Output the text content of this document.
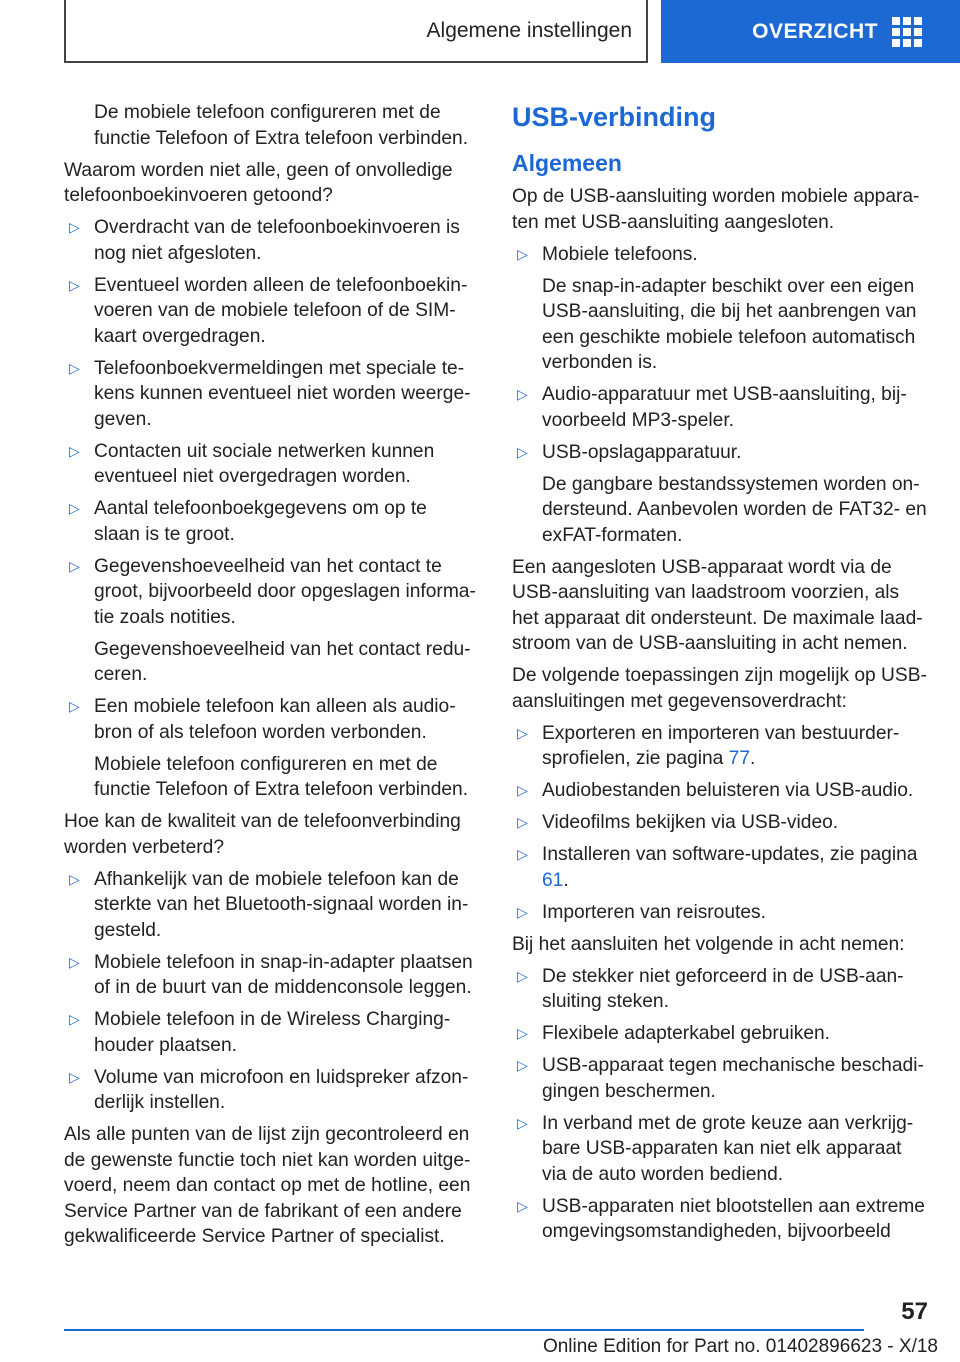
Algemene instellingen	OVERZICHT

De mobiele telefoon configureren met de functie Telefoon of Extra telefoon verbinden.

Waarom worden niet alle, geen of onvolledige telefoonboekinvoeren getoond?

▷ Overdracht van de telefoonboekinvoeren is nog niet afgesloten.
▷ Eventueel worden alleen de telefoonboekinvoeren van de mobiele telefoon of de SIM-kaart overgedragen.
▷ Telefoonboekvermeldingen met speciale tekens kunnen eventueel niet worden weergegeven.
▷ Contacten uit sociale netwerken kunnen eventueel niet overgedragen worden.
▷ Aantal telefoonboekgegevens om op te slaan is te groot.
▷ Gegevenshoeveelheid van het contact te groot, bijvoorbeeld door opgeslagen informatie zoals notities.
Gegevenshoeveelheid van het contact reduceren.
▷ Een mobiele telefoon kan alleen als audiobron of als telefoon worden verbonden.
Mobiele telefoon configureren en met de functie Telefoon of Extra telefoon verbinden.

Hoe kan de kwaliteit van de telefoonverbinding worden verbeterd?

▷ Afhankelijk van de mobiele telefoon kan de sterkte van het Bluetooth-signaal worden ingesteld.
▷ Mobiele telefoon in snap-in-adapter plaatsen of in de buurt van de middenconsole leggen.
▷ Mobiele telefoon in de Wireless Charging-houder plaatsen.
▷ Volume van microfoon en luidspreker afzonderlijk instellen.

Als alle punten van de lijst zijn gecontroleerd en de gewenste functie toch niet kan worden uitgevoerd, neem dan contact op met de hotline, een Service Partner van de fabrikant of een andere gekwalificeerde Service Partner of specialist.

USB-verbinding
Algemeen

Op de USB-aansluiting worden mobiele apparaten met USB-aansluiting aangesloten.

▷ Mobiele telefoons.
De snap-in-adapter beschikt over een eigen USB-aansluiting, die bij het aanbrengen van een geschikte mobiele telefoon automatisch verbonden is.
▷ Audio-apparatuur met USB-aansluiting, bijvoorbeeld MP3-speler.
▷ USB-opslagapparatuur.
De gangbare bestandssystemen worden ondersteund. Aanbevolen worden de FAT32- en exFAT-formaten.

Een aangesloten USB-apparaat wordt via de USB-aansluiting van laadstroom voorzien, als het apparaat dit ondersteunt. De maximale laadstroom van de USB-aansluiting in acht nemen.

De volgende toepassingen zijn mogelijk op USB-aansluitingen met gegevensoverdracht:

▷ Exporteren en importeren van bestuurdersprofielen, zie pagina 77.
▷ Audiobestanden beluisteren via USB-audio.
▷ Videofilms bekijken via USB-video.
▷ Installeren van software-updates, zie pagina 61.
▷ Importeren van reisroutes.

Bij het aansluiten het volgende in acht nemen:

▷ De stekker niet geforceerd in de USB-aansluiting steken.
▷ Flexibele adapterkabel gebruiken.
▷ USB-apparaat tegen mechanische beschadigingen beschermen.
▷ In verband met de grote keuze aan verkrijgbare USB-apparaten kan niet elk apparaat via de auto worden bediend.
▷ USB-apparaten niet blootstellen aan extreme omgevingsomstandigheden, bijvoorbeeld
57
Online Edition for Part no. 01402896623 - X/18
